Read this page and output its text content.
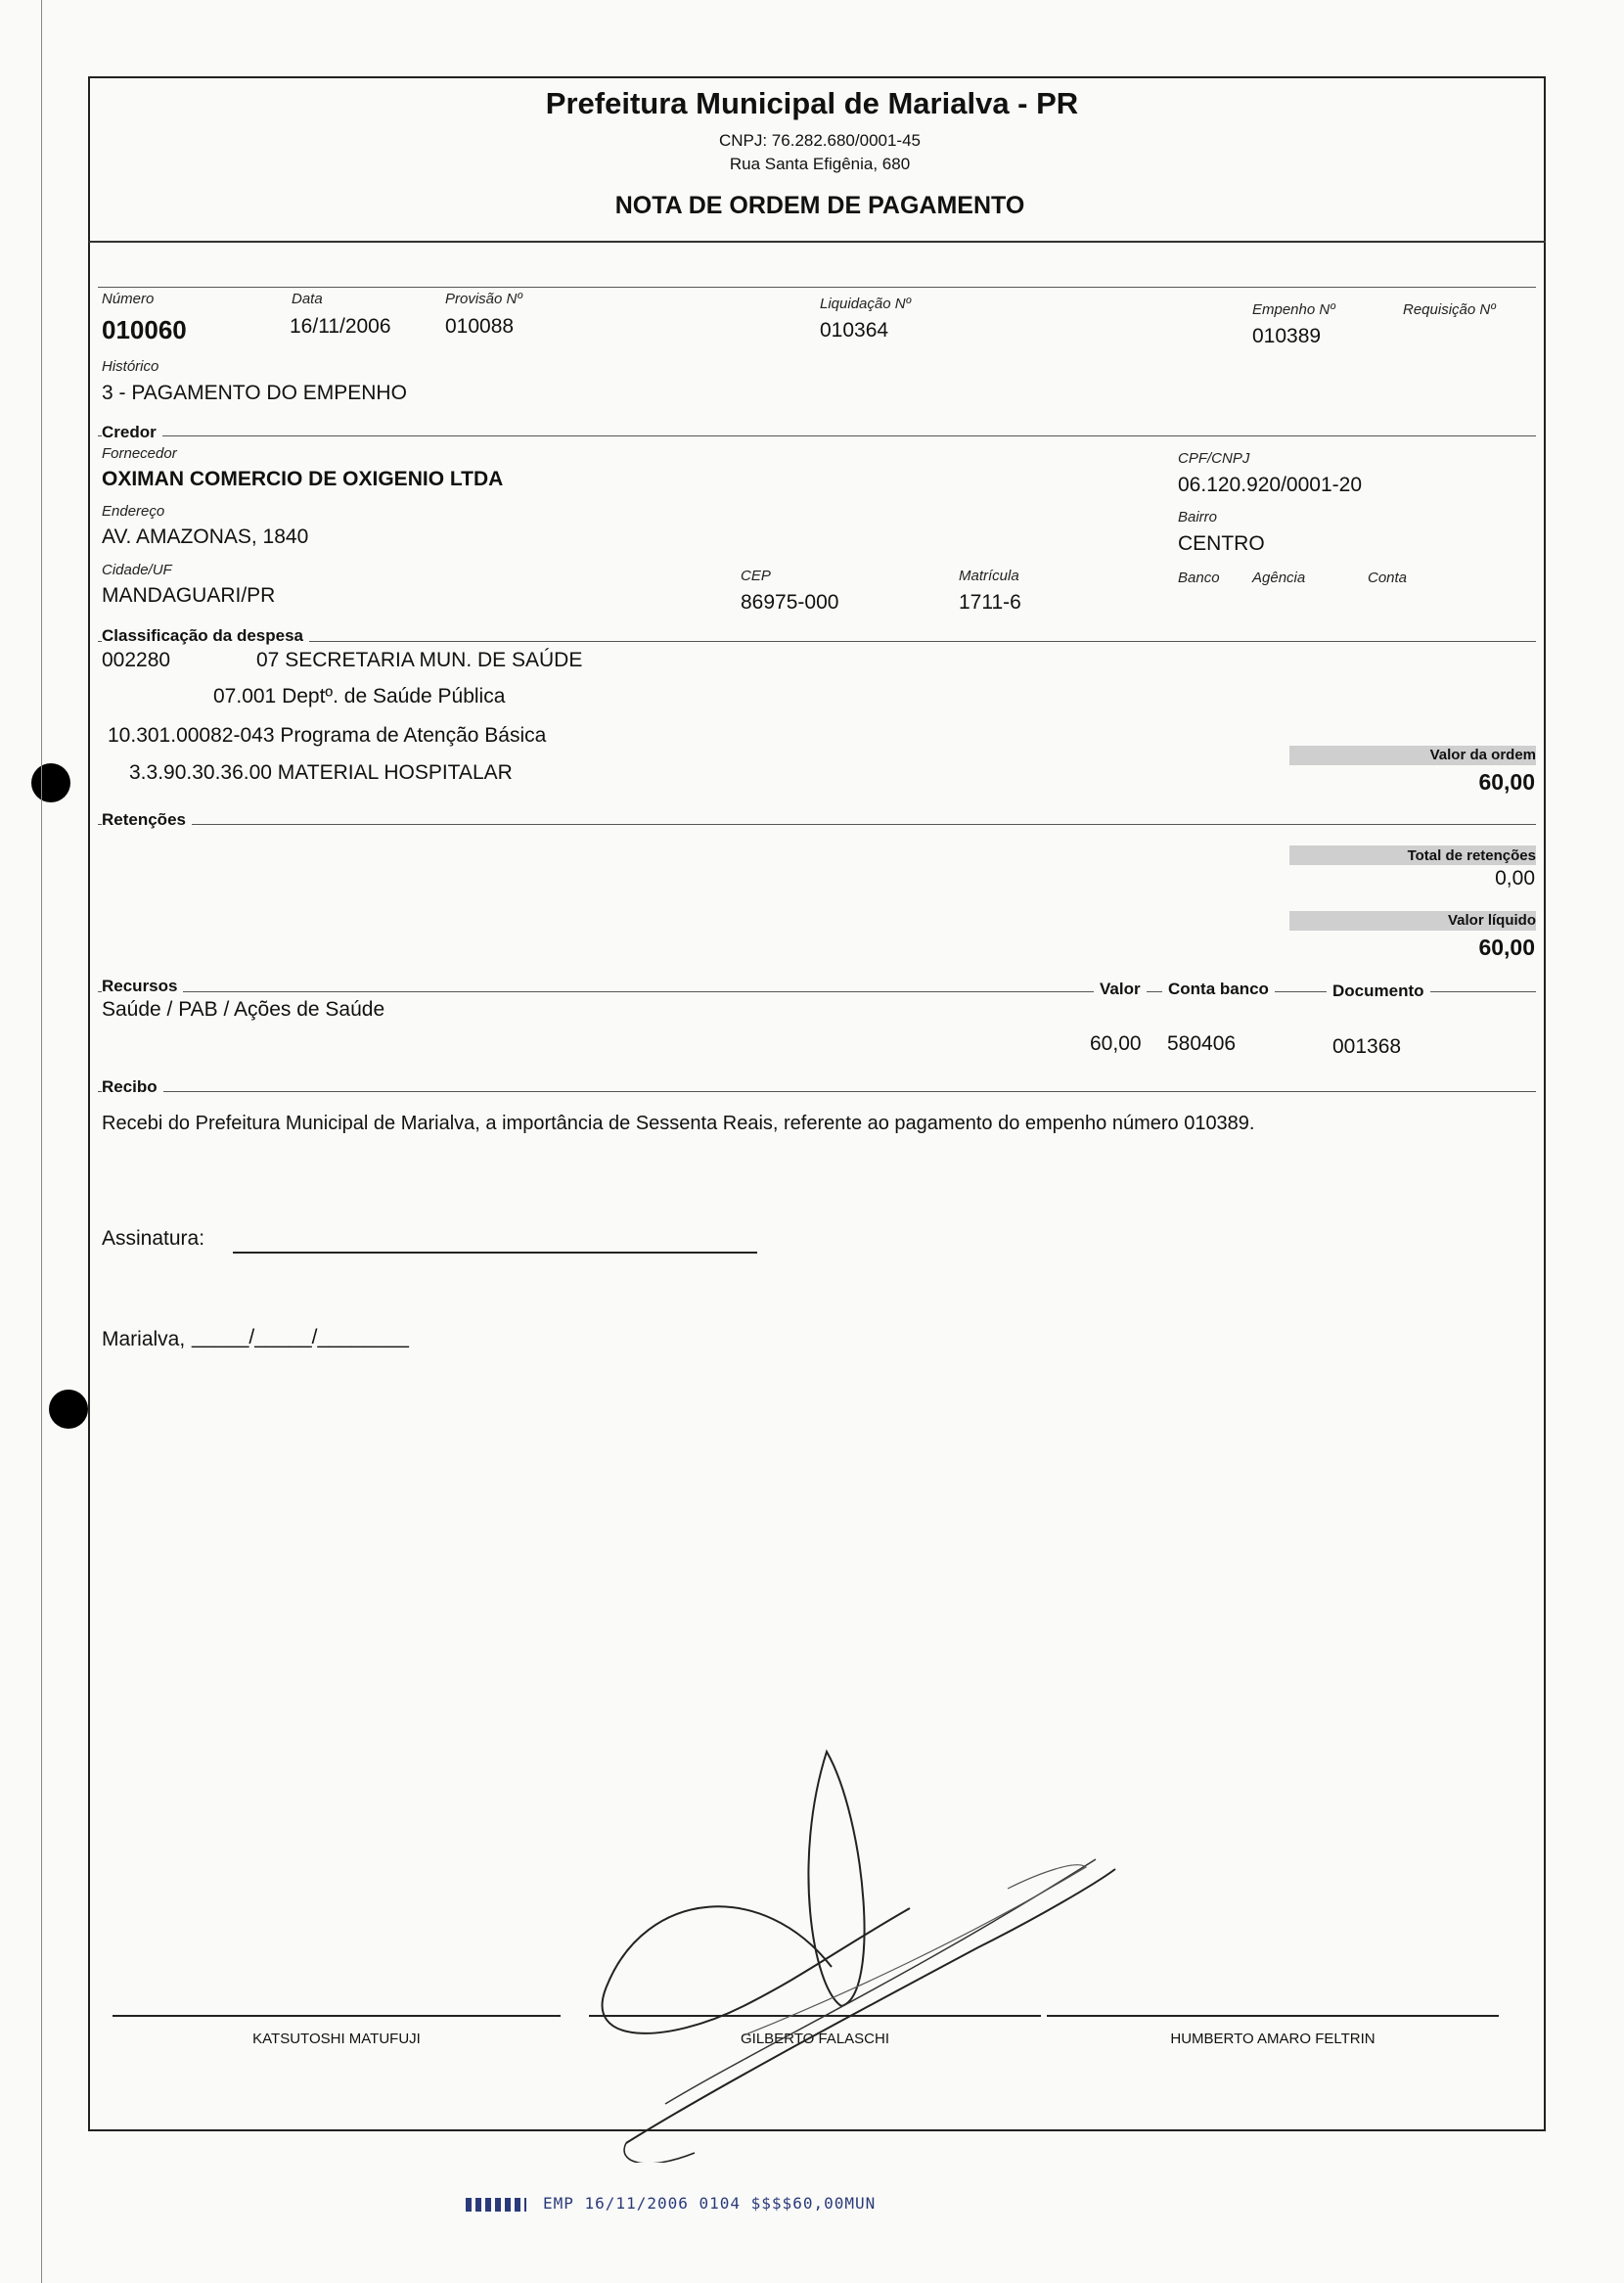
Prefeitura Municipal de Marialva - PR
CNPJ: 76.282.680/0001-45
Rua Santa Efigênia, 680
NOTA DE ORDEM DE PAGAMENTO
Número
010060
Data
16/11/2006
Provisão Nº
010088
Liquidação Nº
010364
Empenho Nº
010389
Requisição Nº
Histórico
3 - PAGAMENTO DO EMPENHO
Credor
Fornecedor
OXIMAN COMERCIO DE OXIGENIO LTDA
CPF/CNPJ
06.120.920/0001-20
Endereço
AV. AMAZONAS, 1840
Bairro
CENTRO
Cidade/UF
MANDAGUARI/PR
CEP
86975-000
Matrícula
1711-6
Banco Agência	Conta
Classificação da despesa
002280	07 SECRETARIA MUN. DE SAÚDE
07.001 Deptº. de Saúde Pública
10.301.00082-043 Programa de Atenção Básica
3.3.90.30.36.00 MATERIAL HOSPITALAR
Valor da ordem
60,00
Retenções
Total de retenções
0,00
Valor líquido
60,00
Recursos	Valor	Conta banco	Documento
Saúde / PAB / Ações de Saúde
60,00 580406	001368
Recibo
Recebi do Prefeitura Municipal de Marialva, a importância de Sessenta Reais, referente ao pagamento do empenho número 010389.
Assinatura:
Marialva, _____/_____/________
KATSUTOSHI MATUFUJI	GILBERTO FALASCHI	HUMBERTO AMARO FELTRIN
EMP 16/11/2006 0104 $$$$60,00MUN
